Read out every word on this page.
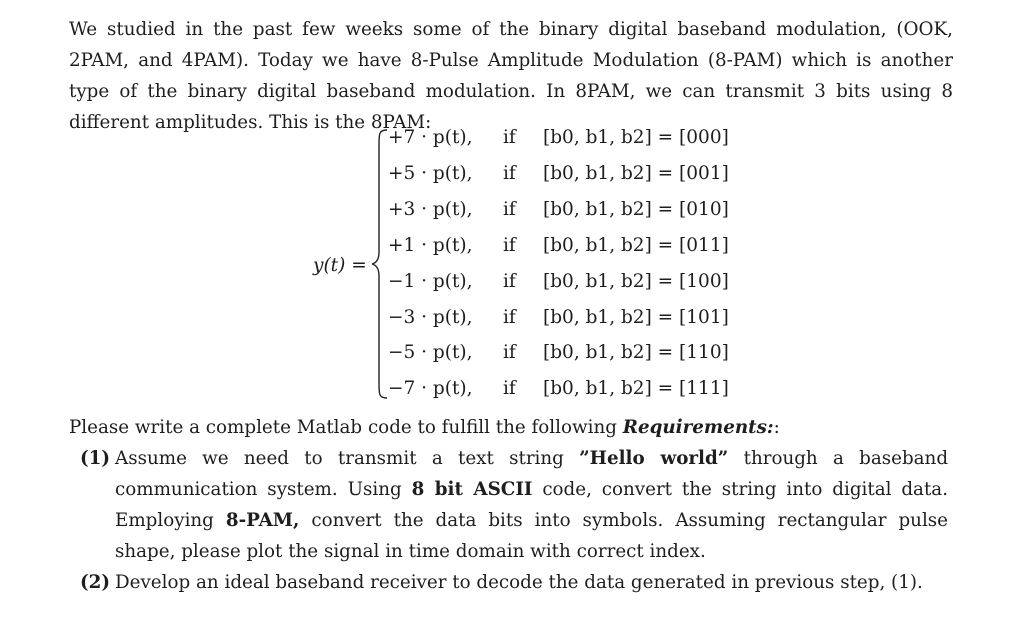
We studied in the past few weeks some of the binary digital baseband modulation, (OOK, 2PAM, and 4PAM). Today we have 8-Pulse Amplitude Modulation (8-PAM) which is another type of the binary digital baseband modulation. In 8PAM, we can transmit 3 bits using 8 different amplitudes. This is the 8PAM:

y(t) =
+7 · p(t), if [b0, b1, b2] = [000]
+5 · p(t), if [b0, b1, b2] = [001]
+3 · p(t), if [b0, b1, b2] = [010]
+1 · p(t), if [b0, b1, b2] = [011]
−1 · p(t), if [b0, b1, b2] = [100]
−3 · p(t), if [b0, b1, b2] = [101]
−5 · p(t), if [b0, b1, b2] = [110]
−7 · p(t), if [b0, b1, b2] = [111]

Please write a complete Matlab code to fulfill the following Requirements::

(1) Assume we need to transmit a text string ”Hello world” through a baseband communication system. Using 8 bit ASCII code, convert the string into digital data. Employing 8-PAM, convert the data bits into symbols. Assuming rectangular pulse shape, please plot the signal in time domain with correct index.
(2) Develop an ideal baseband receiver to decode the data generated in previous step, (1).
